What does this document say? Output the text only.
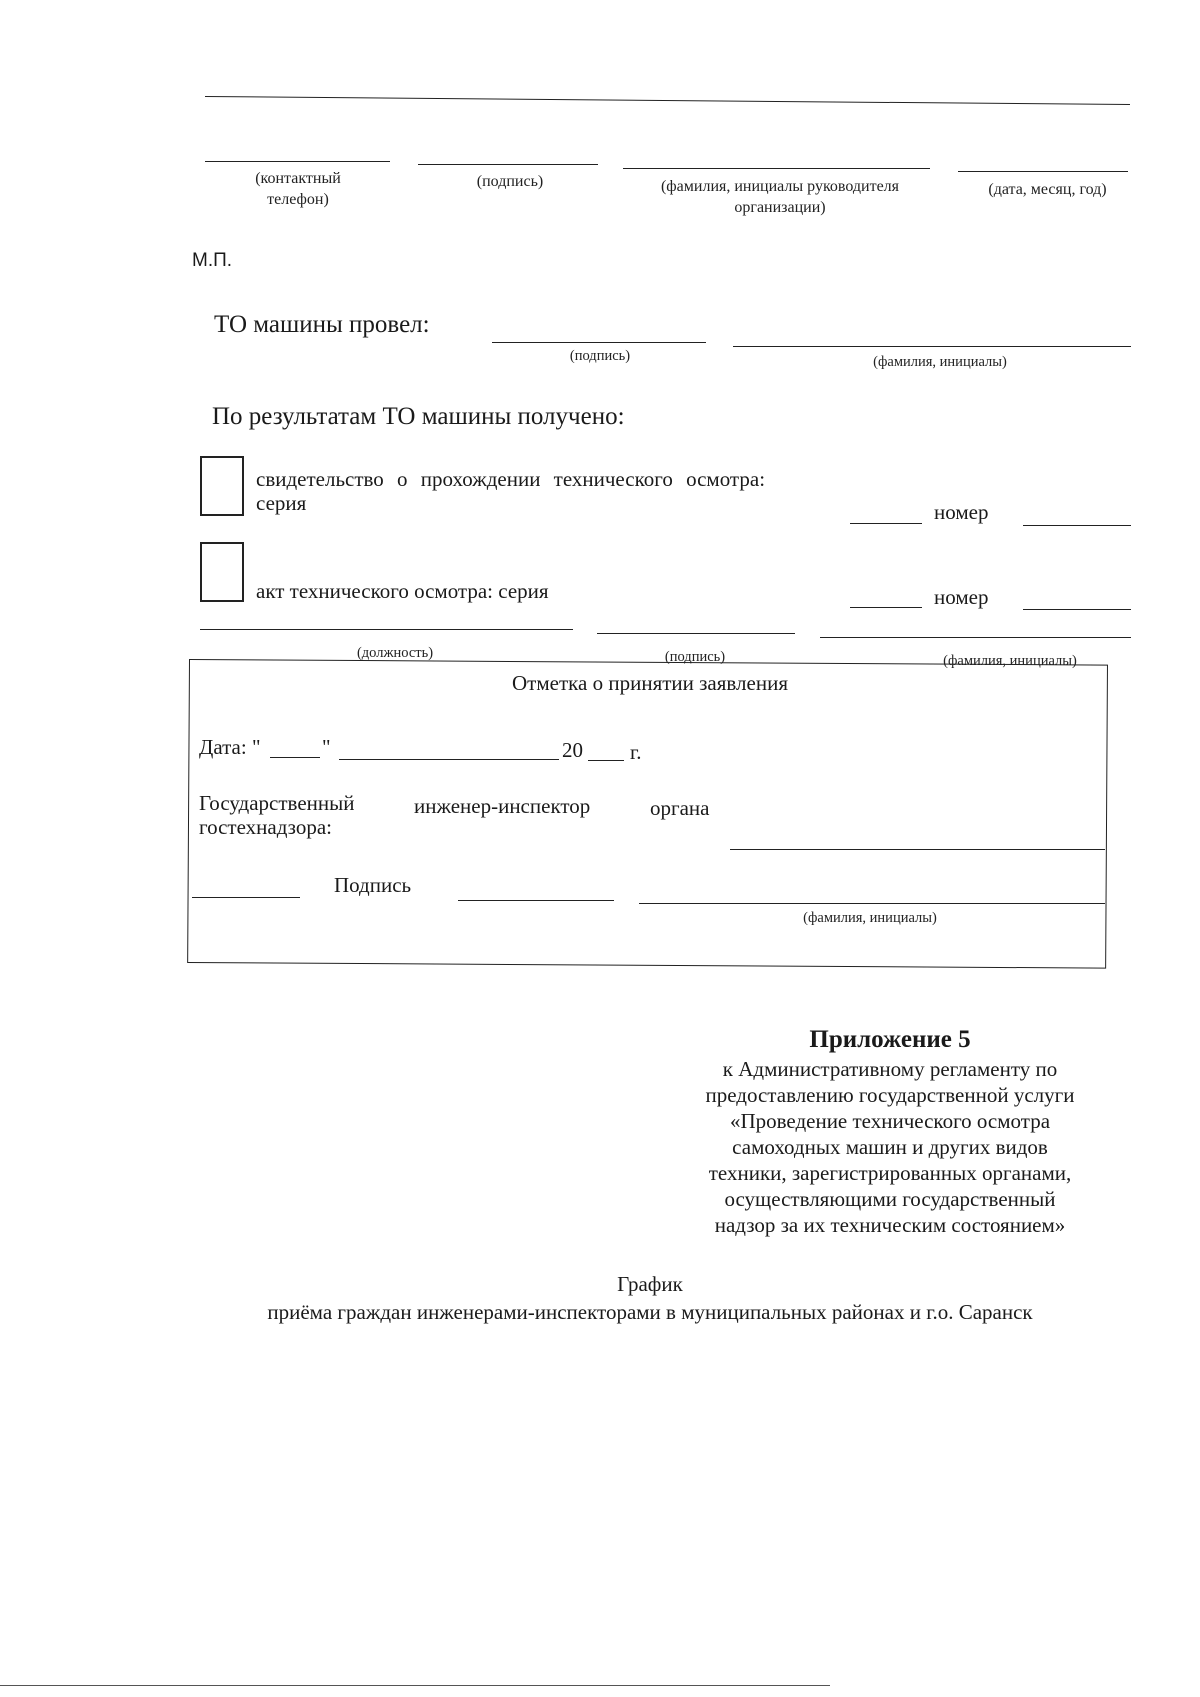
(контактный
телефон)
(подпись)	(фамилия, инициалы руководителя
организации)
(дата, месяц, год)
М.П.
ТО машины провел:
(подпись)	(фамилия, инициалы)
По результатам ТО машины получено:
свидетельство о прохождении технического осмотра:
серия	номер
акт технического осмотра: серия	номер
(должность)	(подпись)	(фамилия, инициалы)
Отметка о принятии заявления
Дата: "	"	20 г.
Государственный	инженер-инспектор	органа
гостехнадзора:
Подпись
(фамилия, инициалы)
Приложение 5
к Административному регламенту по
предоставлению государственной услуги
«Проведение технического осмотра
самоходных машин и других видов
техники, зарегистрированных органами,
осуществляющими государственный
надзор за их техническим состоянием»
График
приёма граждан инженерами-инспекторами в муниципальных районах и г.о. Саранск
